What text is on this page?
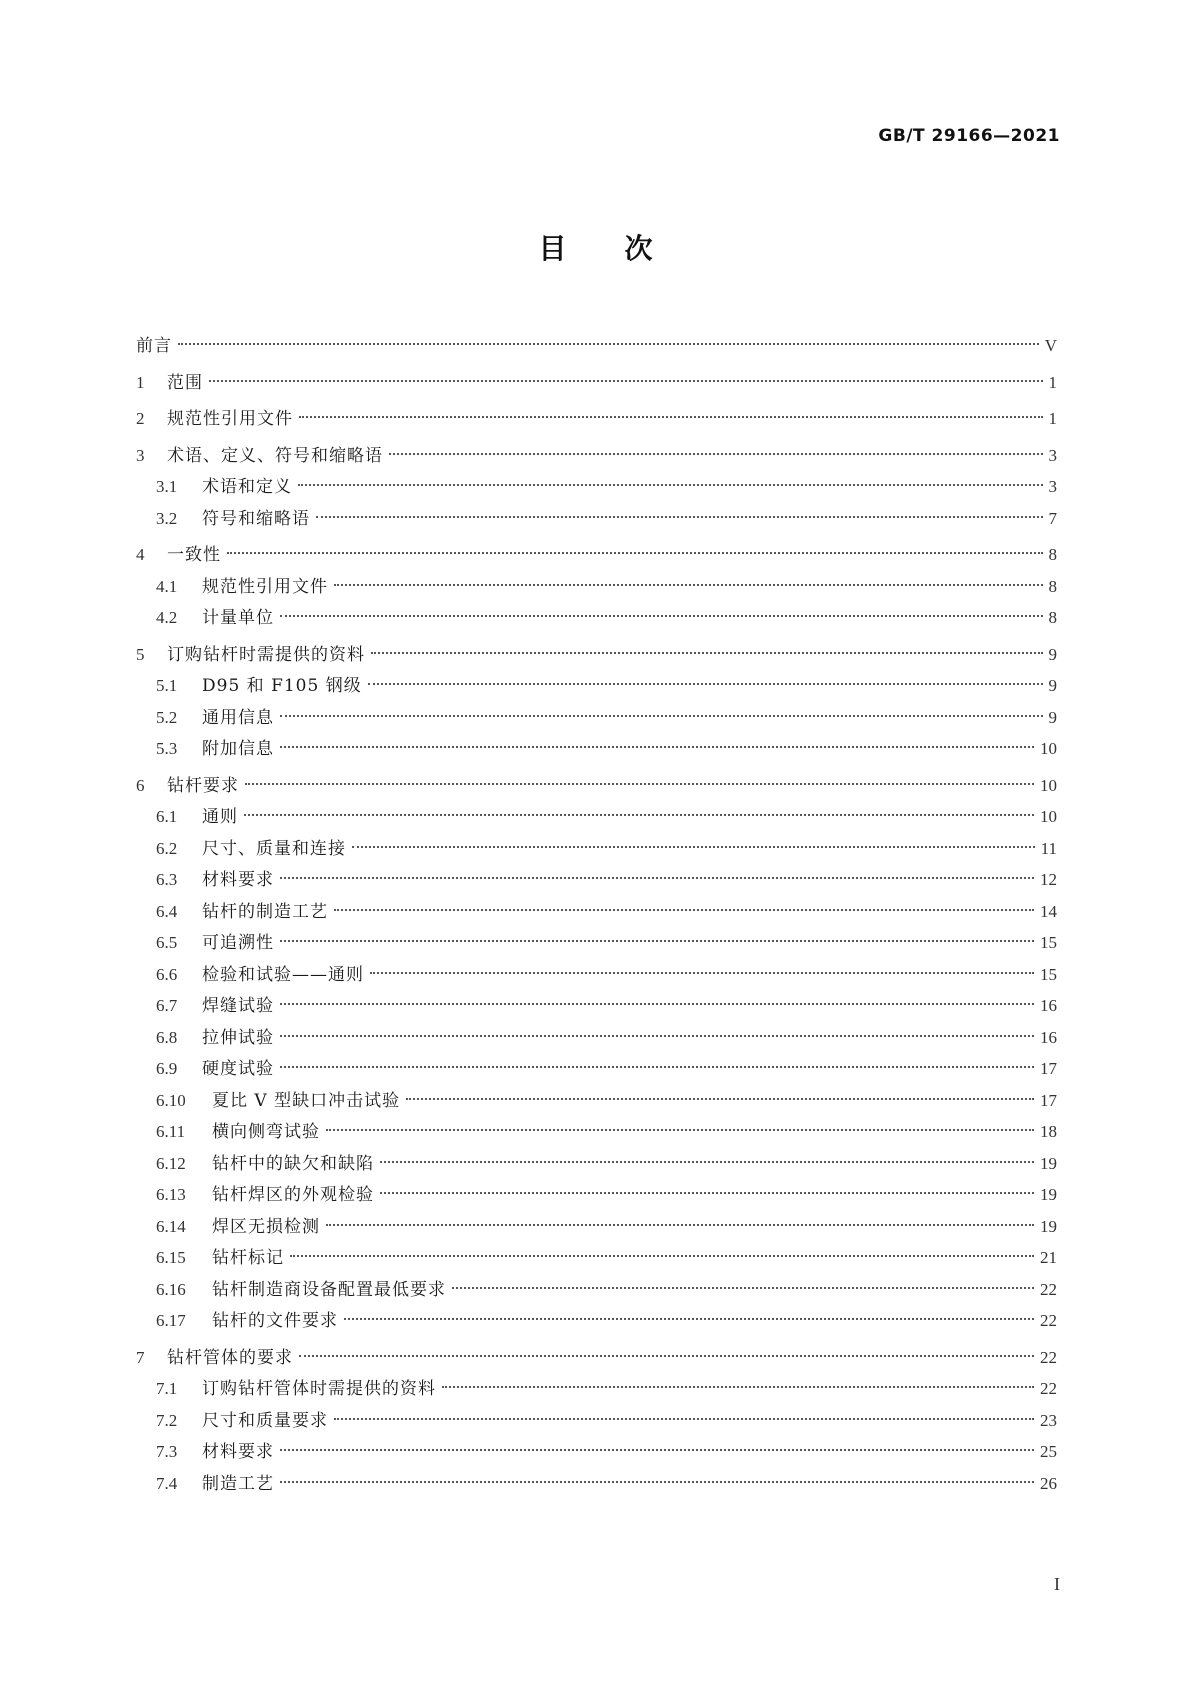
GB/T 29166—2021
目次
前言	V
1	范围	1
2	规范性引用文件	1
3	术语、定义、符号和缩略语	3
3.1	术语和定义	3
3.2	符号和缩略语	7
4	一致性	8
4.1	规范性引用文件	8
4.2	计量单位	8
5	订购钻杆时需提供的资料	9
5.1	D95 和 F105 钢级	9
5.2	通用信息	9
5.3	附加信息	10
6	钻杆要求	10
6.1	通则	10
6.2	尺寸、质量和连接	11
6.3	材料要求	12
6.4	钻杆的制造工艺	14
6.5	可追溯性	15
6.6	检验和试验——通则	15
6.7	焊缝试验	16
6.8	拉伸试验	16
6.9	硬度试验	17
6.10	夏比 V 型缺口冲击试验	17
6.11	横向侧弯试验	18
6.12	钻杆中的缺欠和缺陷	19
6.13	钻杆焊区的外观检验	19
6.14	焊区无损检测	19
6.15	钻杆标记	21
6.16	钻杆制造商设备配置最低要求	22
6.17	钻杆的文件要求	22
7	钻杆管体的要求	22
7.1	订购钻杆管体时需提供的资料	22
7.2	尺寸和质量要求	23
7.3	材料要求	25
7.4	制造工艺	26
I
